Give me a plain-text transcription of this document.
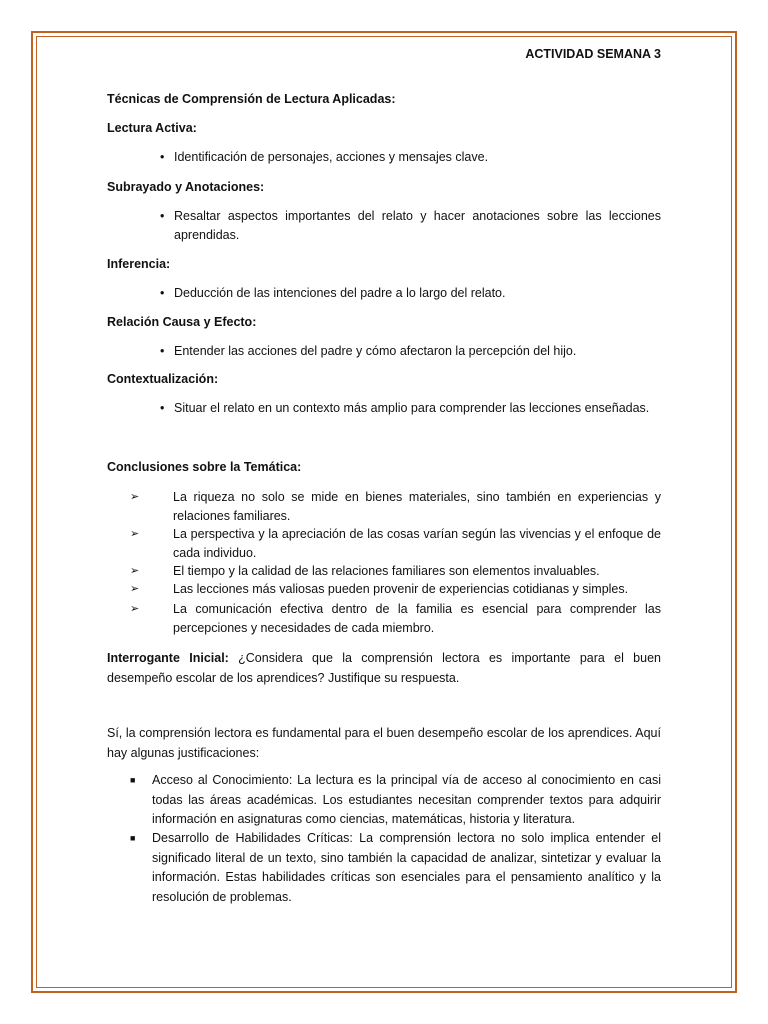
ACTIVIDAD SEMANA 3
Técnicas de Comprensión de Lectura Aplicadas:
Lectura Activa:
• Identificación de personajes, acciones y mensajes clave.
Subrayado y Anotaciones:
• Resaltar aspectos importantes del relato y hacer anotaciones sobre las lecciones aprendidas.
Inferencia:
• Deducción de las intenciones del padre a lo largo del relato.
Relación Causa y Efecto:
• Entender las acciones del padre y cómo afectaron la percepción del hijo.
Contextualización:
• Situar el relato en un contexto más amplio para comprender las lecciones enseñadas.
Conclusiones sobre la Temática:
➢	La riqueza no solo se mide en bienes materiales, sino también en experiencias y relaciones familiares.
➢	La perspectiva y la apreciación de las cosas varían según las vivencias y el enfoque de cada individuo.
➢	El tiempo y la calidad de las relaciones familiares son elementos invaluables.
➢	Las lecciones más valiosas pueden provenir de experiencias cotidianas y simples.
➢	La comunicación efectiva dentro de la familia es esencial para comprender las percepciones y necesidades de cada miembro.
Interrogante Inicial: ¿Considera que la comprensión lectora es importante para el buen desempeño escolar de los aprendices? Justifique su respuesta.
Sí, la comprensión lectora es fundamental para el buen desempeño escolar de los aprendices. Aquí hay algunas justificaciones:
■ Acceso al Conocimiento: La lectura es la principal vía de acceso al conocimiento en casi todas las áreas académicas. Los estudiantes necesitan comprender textos para adquirir información en asignaturas como ciencias, matemáticas, historia y literatura.
■ Desarrollo de Habilidades Críticas: La comprensión lectora no solo implica entender el significado literal de un texto, sino también la capacidad de analizar, sintetizar y evaluar la información. Estas habilidades críticas son esenciales para el pensamiento analítico y la resolución de problemas.
